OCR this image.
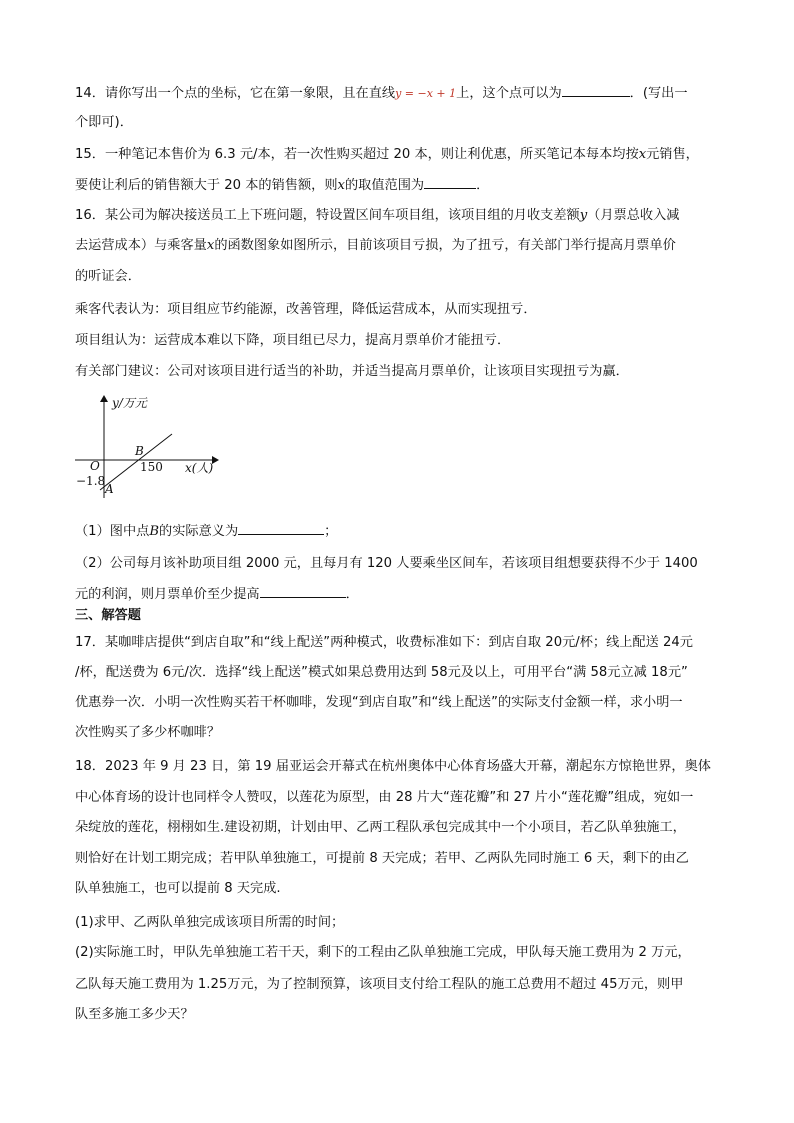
14．请你写出一个点的坐标，它在第一象限，且在直线y = −x + 1上，这个点可以为	．(写出一
个即可)．
15．一种笔记本售价为 6.3 元/本，若一次性购买超过 20 本，则让利优惠，所买笔记本每本均按x元销售，
要使让利后的销售额大于 20 本的销售额，则x的取值范围为	．
16．某公司为解决接送员工上下班问题，特设置区间车项目组，该项目组的月收支差额y（月票总收入减
去运营成本）与乘客量x的函数图象如图所示，目前该项目亏损，为了扭亏，有关部门举行提高月票单价
的听证会．
乘客代表认为：项目组应节约能源，改善管理，降低运营成本，从而实现扭亏．
项目组认为：运营成本难以下降，项目组已尽力，提高月票单价才能扭亏．
有关部门建议：公司对该项目进行适当的补助，并适当提高月票单价，让该项目实现扭亏为赢．
y/万元
x(人)
O
B
150
−1.8
A
（1）图中点B的实际意义为	；
（2）公司每月该补助项目组 2000 元，且每月有 120 人要乘坐区间车，若该项目组想要获得不少于 1400
元的利润，则月票单价至少提高	．
三、解答题
17．某咖啡店提供“到店自取”和“线上配送”两种模式，收费标准如下：到店自取 20元/杯；线上配送 24元
/杯，配送费为 6元/次．选择“线上配送”模式如果总费用达到 58元及以上，可用平台“满 58元立减 18元”
优惠券一次．小明一次性购买若干杯咖啡，发现“到店自取”和“线上配送”的实际支付金额一样，求小明一
次性购买了多少杯咖啡？
18．2023 年 9 月 23 日，第 19 届亚运会开幕式在杭州奥体中心体育场盛大开幕，潮起东方惊艳世界，奥体
中心体育场的设计也同样令人赞叹，以莲花为原型，由 28 片大“莲花瓣”和 27 片小“莲花瓣”组成，宛如一
朵绽放的莲花，栩栩如生.建设初期，计划由甲、乙两工程队承包完成其中一个小项目，若乙队单独施工，
则恰好在计划工期完成；若甲队单独施工，可提前 8 天完成；若甲、乙两队先同时施工 6 天，剩下的由乙
队单独施工，也可以提前 8 天完成.
(1)求甲、乙两队单独完成该项目所需的时间；
(2)实际施工时，甲队先单独施工若干天，剩下的工程由乙队单独施工完成，甲队每天施工费用为 2 万元，
乙队每天施工费用为 1.25万元，为了控制预算，该项目支付给工程队的施工总费用不超过 45万元，则甲
队至多施工多少天？
